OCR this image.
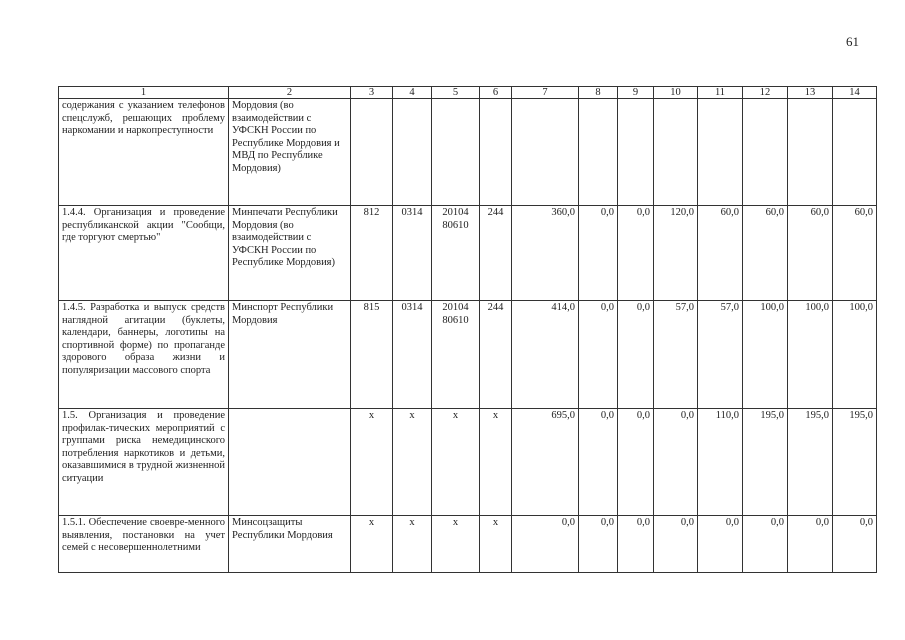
61
1	2	3	4	5	6	7	8	9	10	11	12	13	14
содержания с указанием телефонов спецслужб, решающих проблему наркомании и наркопреступности	Мордовия (во взаимодействии с УФСКН России по Республике Мордовия и МВД по Республике Мордовия)												
1.4.4. Организация и проведение республиканской акции "Сообщи, где торгуют смертью"	Минпечати Республики Мордовия (во взаимодействии с УФСКН России по Республике Мордовия)	812	0314	20104 80610	244	360,0	0,0	0,0	120,0	60,0	60,0	60,0	60,0
1.4.5. Разработка и выпуск средств наглядной агитации (буклеты, календари, баннеры, логотипы на спортивной форме) по пропаганде здорового образа жизни и популяризации массового спорта	Минспорт Республики Мордовия	815	0314	20104 80610	244	414,0	0,0	0,0	57,0	57,0	100,0	100,0	100,0
1.5. Организация и проведение профилак-тических мероприятий с группами риска немедицинского потребления наркотиков и детьми, оказавшимися в трудной жизненной ситуации		х	х	х	х	695,0	0,0	0,0	0,0	110,0	195,0	195,0	195,0
1.5.1. Обеспечение своевре-менного выявления, постановки на учет семей с несовершеннолетними	Минсоцзащиты Республики Мордовия	х	х	х	х	0,0	0,0	0,0	0,0	0,0	0,0	0,0	0,0
